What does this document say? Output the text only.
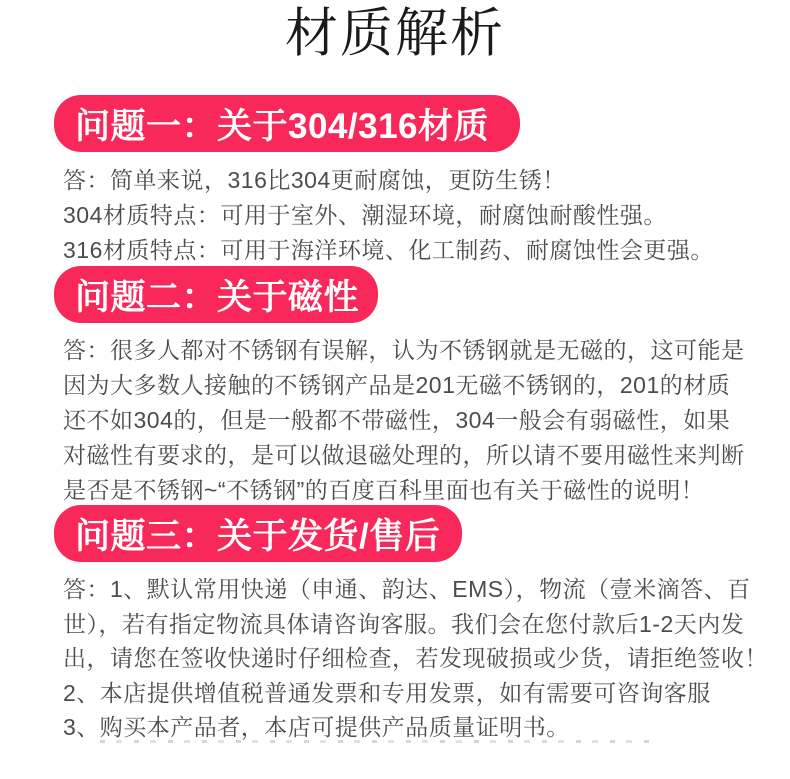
材质解析
问题一：关于304/316材质
答：简单来说，316比304更耐腐蚀，更防生锈！
304材质特点：可用于室外、潮湿环境，耐腐蚀耐酸性强。
316材质特点：可用于海洋环境、化工制药、耐腐蚀性会更强。
问题二：关于磁性
答：很多人都对不锈钢有误解，认为不锈钢就是无磁的，这可能是
因为大多数人接触的不锈钢产品是201无磁不锈钢的，201的材质
还不如304的，但是一般都不带磁性，304一般会有弱磁性，如果
对磁性有要求的，是可以做退磁处理的，所以请不要用磁性来判断
是否是不锈钢~“不锈钢”的百度百科里面也有关于磁性的说明！
问题三：关于发货/售后
答：1、默认常用快递（申通、韵达、EMS），物流（壹米滴答、百
世），若有指定物流具体请咨询客服。我们会在您付款后1-2天内发
出，请您在签收快递时仔细检查，若发现破损或少货，请拒绝签收！
2、本店提供增值税普通发票和专用发票，如有需要可咨询客服
3、购买本产品者，本店可提供产品质量证明书。
